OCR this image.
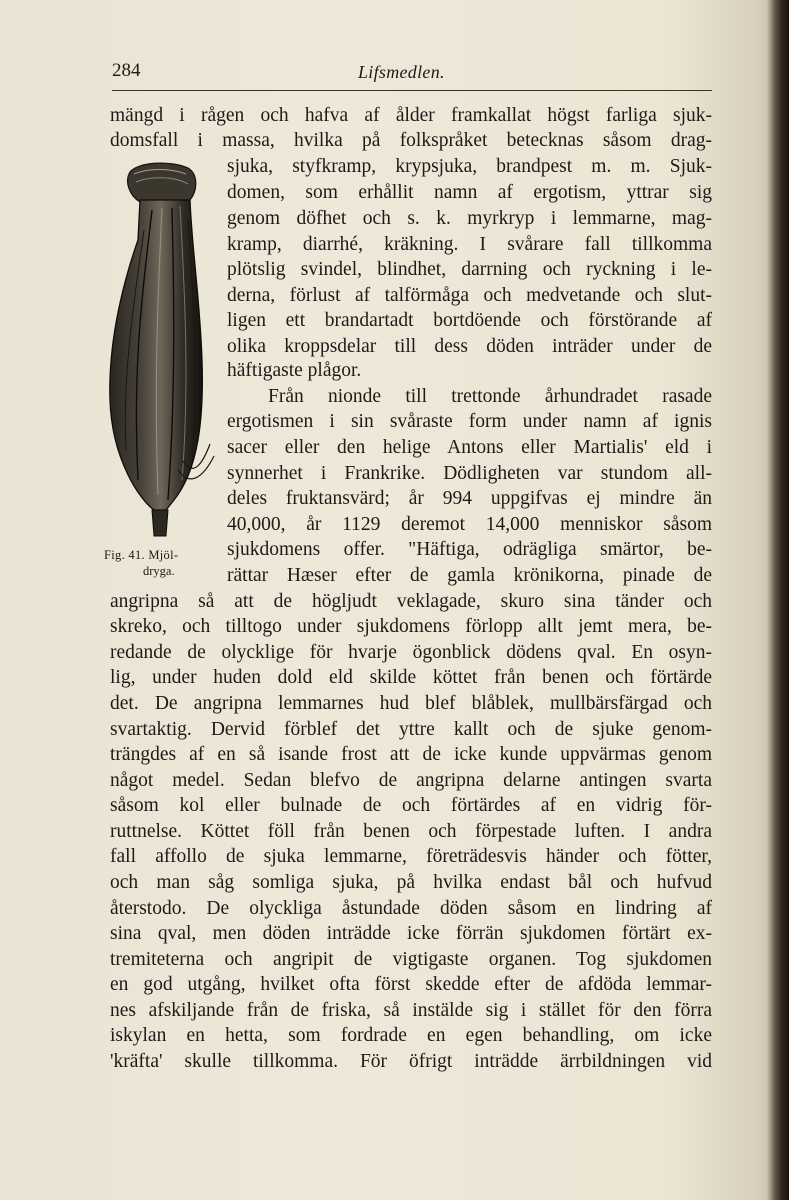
284	Lifsmedlen.
Fig. 41. Mjöl-
dryga.
mängd i rågen och hafva af ålder framkallat högst farliga sjuk-
domsfall i massa, hvilka på folkspråket betecknas såsom drag-
sjuka, styfkramp, krypsjuka, brandpest m. m. Sjuk-
domen, som erhållit namn af ergotism, yttrar sig
genom döfhet och s. k. myrkryp i lemmarne, mag-
kramp, diarrhé, kräkning. I svårare fall tillkomma
plötslig svindel, blindhet, darrning och ryckning i le-
derna, förlust af talförmåga och medvetande och slut-
ligen ett brandartadt bortdöende och förstörande af
olika kroppsdelar till dess döden inträder under de
häftigaste plågor.
Från nionde till trettonde århundradet rasade
ergotismen i sin svåraste form under namn af ignis
sacer eller den helige Antons eller Martialis' eld i
synnerhet i Frankrike. Dödligheten var stundom all-
deles fruktansvärd; år 994 uppgifvas ej mindre än
40,000, år 1129 deremot 14,000 menniskor såsom
sjukdomens offer. "Häftiga, odrägliga smärtor, be-
rättar Hæser efter de gamla krönikorna, pinade de
angripna så att de högljudt veklagade, skuro sina tänder och
skreko, och tilltogo under sjukdomens förlopp allt jemt mera, be-
redande de olycklige för hvarje ögonblick dödens qval. En osyn-
lig, under huden dold eld skilde köttet från benen och förtärde
det. De angripna lemmarnes hud blef blåblek, mullbärsfärgad och
svartaktig. Dervid förblef det yttre kallt och de sjuke genom-
trängdes af en så isande frost att de icke kunde uppvärmas genom
något medel. Sedan blefvo de angripna delarne antingen svarta
såsom kol eller bulnade de och förtärdes af en vidrig för-
ruttnelse. Köttet föll från benen och förpestade luften. I andra
fall affollo de sjuka lemmarne, företrädesvis händer och fötter,
och man såg somliga sjuka, på hvilka endast bål och hufvud
återstodo. De olyckliga åstundade döden såsom en lindring af
sina qval, men döden inträdde icke förrän sjukdomen förtärt ex-
tremiteterna och angripit de vigtigaste organen. Tog sjukdomen
en god utgång, hvilket ofta först skedde efter de afdöda lemmar-
nes afskiljande från de friska, så instälde sig i stället för den förra
iskylan en hetta, som fordrade en egen behandling, om icke
'kräfta' skulle tillkomma. För öfrigt inträdde ärrbildningen vid
